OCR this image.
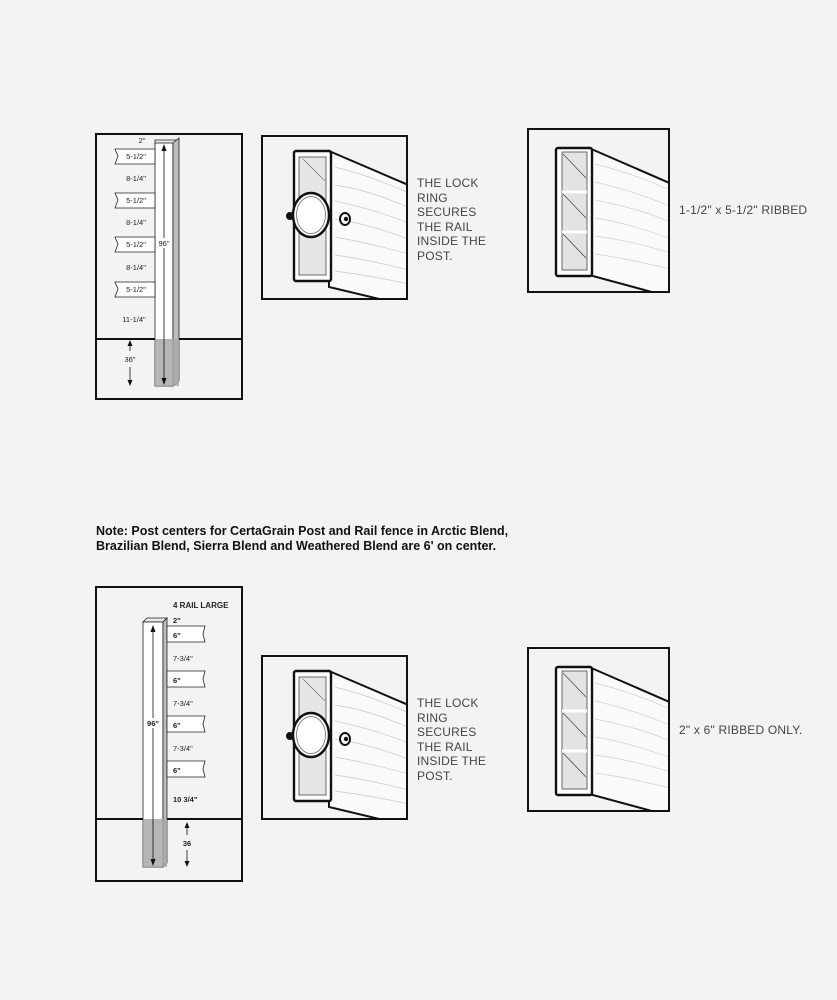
96"
2"
5-1/2"
8-1/4"
5-1/2"
8-1/4"
5-1/2"
8-1/4"
5-1/2"
11-1/4"
36"
THE LOCK
RING
SECURES
THE RAIL
INSIDE THE
POST.
1-1/2" x 5-1/2" RIBBED
Note: Post centers for CertaGrain Post and Rail fence in Arctic Blend,
Brazilian Blend, Sierra Blend and Weathered Blend are 6' on center.
4 RAIL LARGE
96"
2"
6"
7-3/4"
6"
7-3/4"
6"
7-3/4"
6"
10 3/4"
36
THE LOCK
RING
SECURES
THE RAIL
INSIDE THE
POST.
2" x 6" RIBBED ONLY.
